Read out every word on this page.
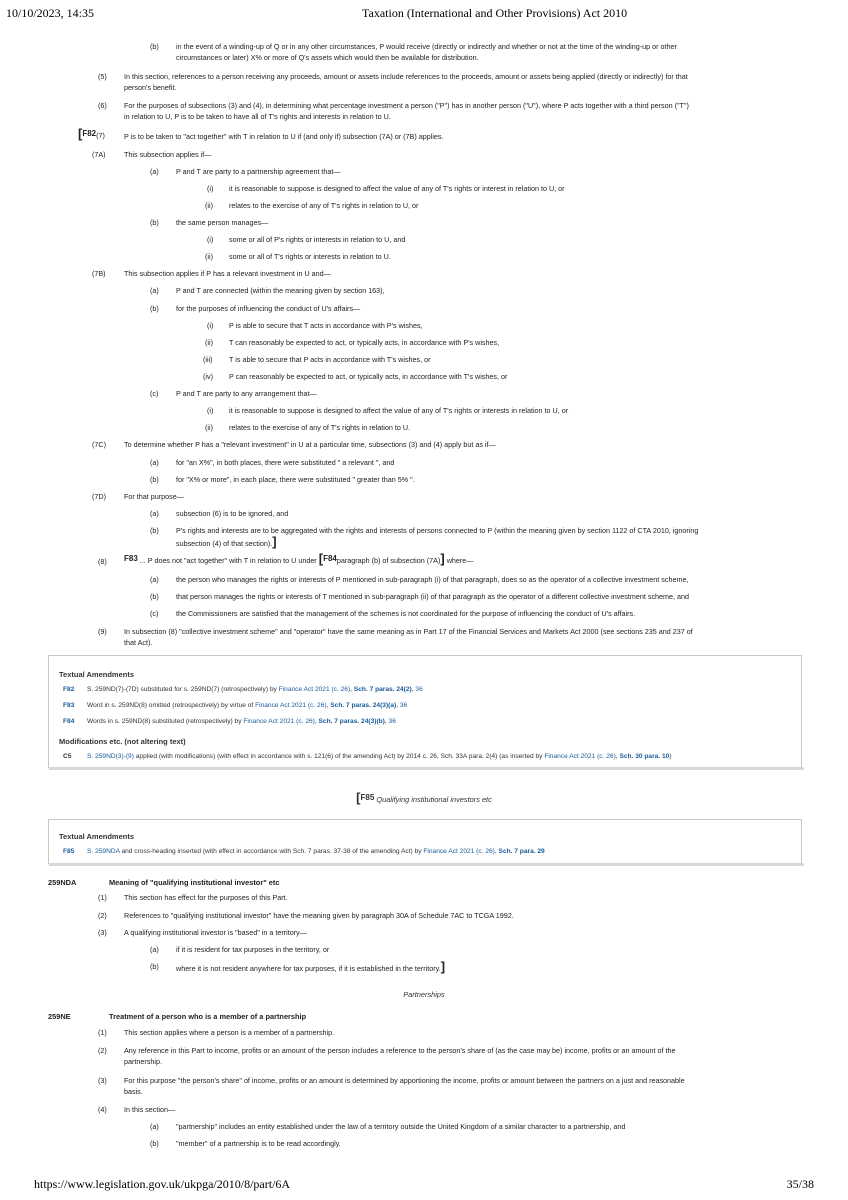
10/10/2023, 14:35	Taxation (International and Other Provisions) Act 2010
(b) in the event of a winding-up of Q or in any other circumstances, P would receive (directly or indirectly and whether or not at the time of the winding-up or other
circumstances or later) X% or more of Q's assets which would then be available for distribution.
(5) In this section, references to a person receiving any proceeds, amount or assets include references to the proceeds, amount or assets being applied (directly or indirectly) for that
person's benefit.
(6) For the purposes of subsections (3) and (4), in determining what percentage investment a person ("P") has in another person ("U"), where P acts together with a third person ("T")
in relation to U, P is to be taken to have all of T's rights and interests in relation to U.
[F82(7)	P is to be taken to "act together" with T in relation to U if (and only if) subsection (7A) or (7B) applies.
(7A)	This subsection applies if—
(a) P and T are party to a partnership agreement that—
(i) it is reasonable to suppose is designed to affect the value of any of T's rights or interest in relation to U, or
(ii) relates to the exercise of any of T's rights in relation to U, or
(b) the same person manages—
(i) some or all of P's rights or interests in relation to U, and
(ii) some or all of T's rights or interests in relation to U.
(7B)	This subsection applies if P has a relevant investment in U and—
(a) P and T are connected (within the meaning given by section 163),
(b) for the purposes of influencing the conduct of U's affairs—
(i) P is able to secure that T acts in accordance with P's wishes,
(ii) T can reasonably be expected to act, or typically acts, in accordance with P's wishes,
(iii) T is able to secure that P acts in accordance with T's wishes, or
(iv) P can reasonably be expected to act, or typically acts, in accordance with T's wishes, or
(c) P and T are party to any arrangement that—
(i) it is reasonable to suppose is designed to affect the value of any of T's rights or interests in relation to U, or
(ii) relates to the exercise of any of T's rights in relation to U.
(7C)	To determine whether P has a "relevant investment" in U at a particular time, subsections (3) and (4) apply but as if—
(a) for "an X%", in both places, there were substituted " a relevant ", and
(b) for "X% or more", in each place, there were substituted " greater than 5% ".
(7D)	For that purpose—
(a) subsection (6) is to be ignored, and
(b) P's rights and interests are to be aggregated with the rights and interests of persons connected to P (within the meaning given by section 1122 of CTA 2010, ignoring
subsection (4) of that section).]
(8) F83 ... P does not "act together" with T in relation to U under [F84paragraph (b) of subsection (7A)] where—
(a) the person who manages the rights or interests of P mentioned in sub-paragraph (i) of that paragraph, does so as the operator of a collective investment scheme,
(b) that person manages the rights or interests of T mentioned in sub-paragraph (ii) of that paragraph as the operator of a different collective investment scheme, and
(c) the Commissioners are satisfied that the management of the schemes is not coordinated for the purpose of influencing the conduct of U's affairs.
(9) In subsection (8) "collective investment scheme" and "operator" have the same meaning as in Part 17 of the Financial Services and Markets Act 2000 (see sections 235 and 237 of
that Act).
Textual Amendments
F82 S. 259ND(7)-(7D) substituted for s. 259ND(7) (retrospectively) by Finance Act 2021 (c. 26), Sch. 7 paras. 24(2), 36
F83 Word in s. 259ND(8) omitted (retrospectively) by virtue of Finance Act 2021 (c. 26), Sch. 7 paras. 24(3)(a), 36
F84 Words in s. 259ND(8) substituted (retrospectively) by Finance Act 2021 (c. 26), Sch. 7 paras. 24(3)(b), 36
Modifications etc. (not altering text)
C5 S. 259ND(3)-(9) applied (with modifications) (with effect in accordance with s. 121(6) of the amending Act) by 2014 c. 26, Sch. 33A para. 2(4) (as inserted by Finance Act 2021 (c. 26), Sch. 30 para. 10)
[F85 Qualifying institutional investors etc
Textual Amendments
F85 S. 259NDA and cross-heading inserted (with effect in accordance with Sch. 7 paras. 37-38 of the amending Act) by Finance Act 2021 (c. 26), Sch. 7 para. 29
259NDA	Meaning of "qualifying institutional investor" etc
(1) This section has effect for the purposes of this Part.
(2) References to "qualifying institutional investor" have the meaning given by paragraph 30A of Schedule 7AC to TCGA 1992.
(3) A qualifying institutional investor is "based" in a territory—
(a) if it is resident for tax purposes in the territory, or
(b) where it is not resident anywhere for tax purposes, if it is established in the territory.]
Partnerships
259NE	Treatment of a person who is a member of a partnership
(1) This section applies where a person is a member of a partnership.
(2) Any reference in this Part to income, profits or an amount of the person includes a reference to the person's share of (as the case may be) income, profits or an amount of the
partnership.
(3) For this purpose "the person's share" of income, profits or an amount is determined by apportioning the income, profits or amount between the partners on a just and reasonable
basis.
(4) In this section—
(a) "partnership" includes an entity established under the law of a territory outside the United Kingdom of a similar character to a partnership, and
(b) "member" of a partnership is to be read accordingly.
https://www.legislation.gov.uk/ukpga/2010/8/part/6A	35/38
